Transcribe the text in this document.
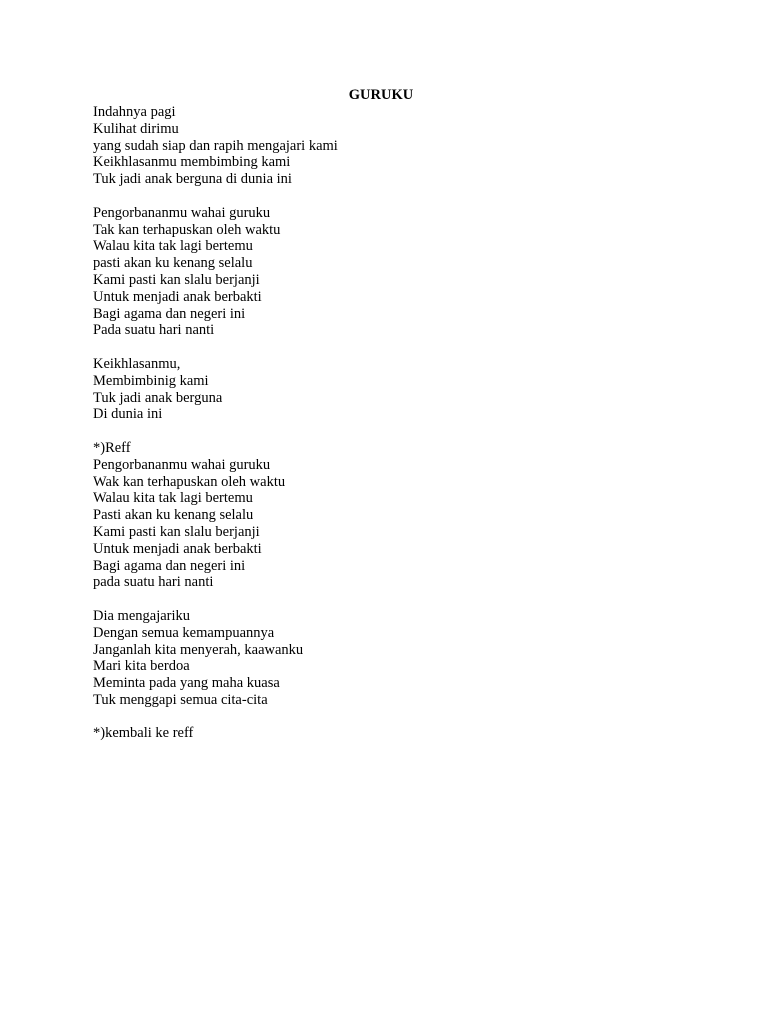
GURUKU
Indahnya pagi
Kulihat dirimu
yang sudah siap dan rapih mengajari kami
Keikhlasanmu membimbing kami
Tuk jadi anak berguna di dunia ini
Pengorbananmu wahai guruku
Tak kan terhapuskan oleh waktu
Walau kita tak lagi bertemu
pasti akan ku kenang selalu
Kami pasti kan slalu berjanji
Untuk menjadi anak berbakti
Bagi agama dan negeri ini
Pada suatu hari nanti
Keikhlasanmu,
Membimbinig kami
Tuk jadi anak berguna
Di dunia ini
*)Reff
Pengorbananmu wahai guruku
Wak kan terhapuskan oleh waktu
Walau kita tak lagi bertemu
Pasti akan ku kenang selalu
Kami pasti kan slalu berjanji
Untuk menjadi anak berbakti
Bagi agama dan negeri ini
pada suatu hari nanti
Dia mengajariku
Dengan semua kemampuannya
Janganlah kita menyerah, kaawanku
Mari kita berdoa
Meminta pada yang maha kuasa
Tuk menggapi semua cita-cita
*)kembali ke reff
